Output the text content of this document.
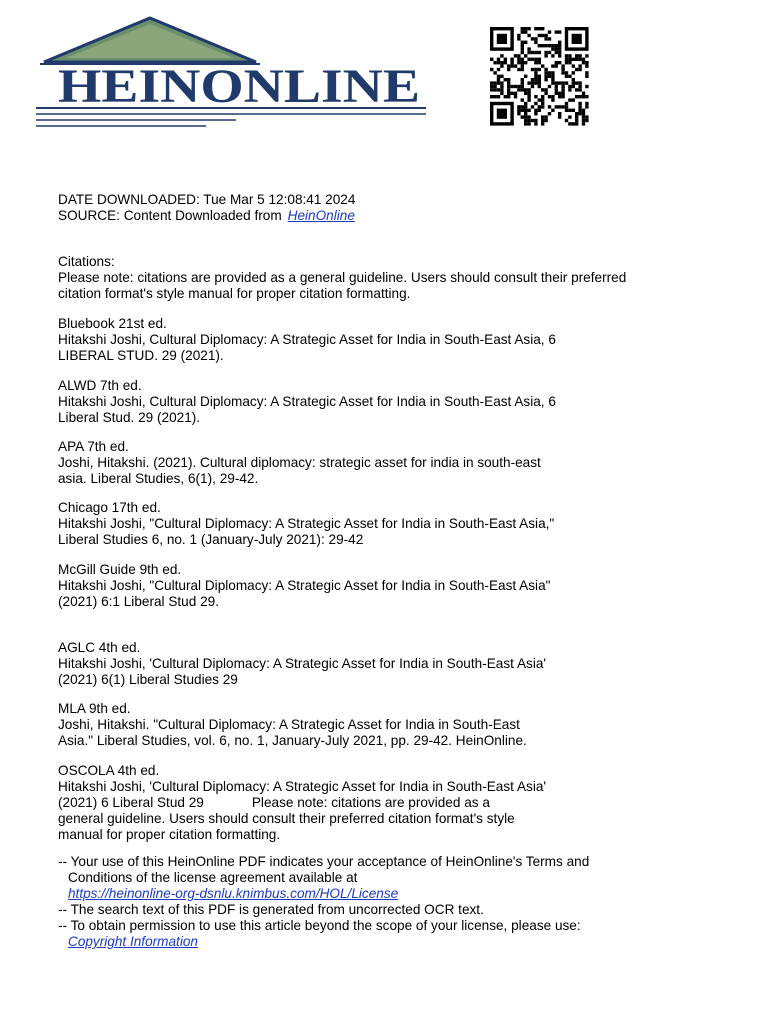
HEINONLINE
DATE DOWNLOADED: Tue Mar 5 12:08:41 2024
SOURCE: Content Downloaded from HeinOnline
Citations:
Please note: citations are provided as a general guideline. Users should consult their preferred
citation format's style manual for proper citation formatting.
Bluebook 21st ed.
Hitakshi Joshi, Cultural Diplomacy: A Strategic Asset for India in South-East Asia, 6
LIBERAL STUD. 29 (2021).
ALWD 7th ed.
Hitakshi Joshi, Cultural Diplomacy: A Strategic Asset for India in South-East Asia, 6
Liberal Stud. 29 (2021).
APA 7th ed.
Joshi, Hitakshi. (2021). Cultural diplomacy: strategic asset for india in south-east
asia. Liberal Studies, 6(1), 29-42.
Chicago 17th ed.
Hitakshi Joshi, "Cultural Diplomacy: A Strategic Asset for India in South-East Asia,"
Liberal Studies 6, no. 1 (January-July 2021): 29-42
McGill Guide 9th ed.
Hitakshi Joshi, "Cultural Diplomacy: A Strategic Asset for India in South-East Asia"
(2021) 6:1 Liberal Stud 29.
AGLC 4th ed.
Hitakshi Joshi, 'Cultural Diplomacy: A Strategic Asset for India in South-East Asia'
(2021) 6(1) Liberal Studies 29
MLA 9th ed.
Joshi, Hitakshi. "Cultural Diplomacy: A Strategic Asset for India in South-East
Asia." Liberal Studies, vol. 6, no. 1, January-July 2021, pp. 29-42. HeinOnline.
OSCOLA 4th ed.
Hitakshi Joshi, 'Cultural Diplomacy: A Strategic Asset for India in South-East Asia'
(2021) 6 Liberal Stud 29	Please note: citations are provided as a
general guideline. Users should consult their preferred citation format's style
manual for proper citation formatting.
-- Your use of this HeinOnline PDF indicates your acceptance of HeinOnline's Terms and
Conditions of the license agreement available at
https://heinonline-org-dsnlu.knimbus.com/HOL/License
-- The search text of this PDF is generated from uncorrected OCR text.
-- To obtain permission to use this article beyond the scope of your license, please use:
Copyright Information
